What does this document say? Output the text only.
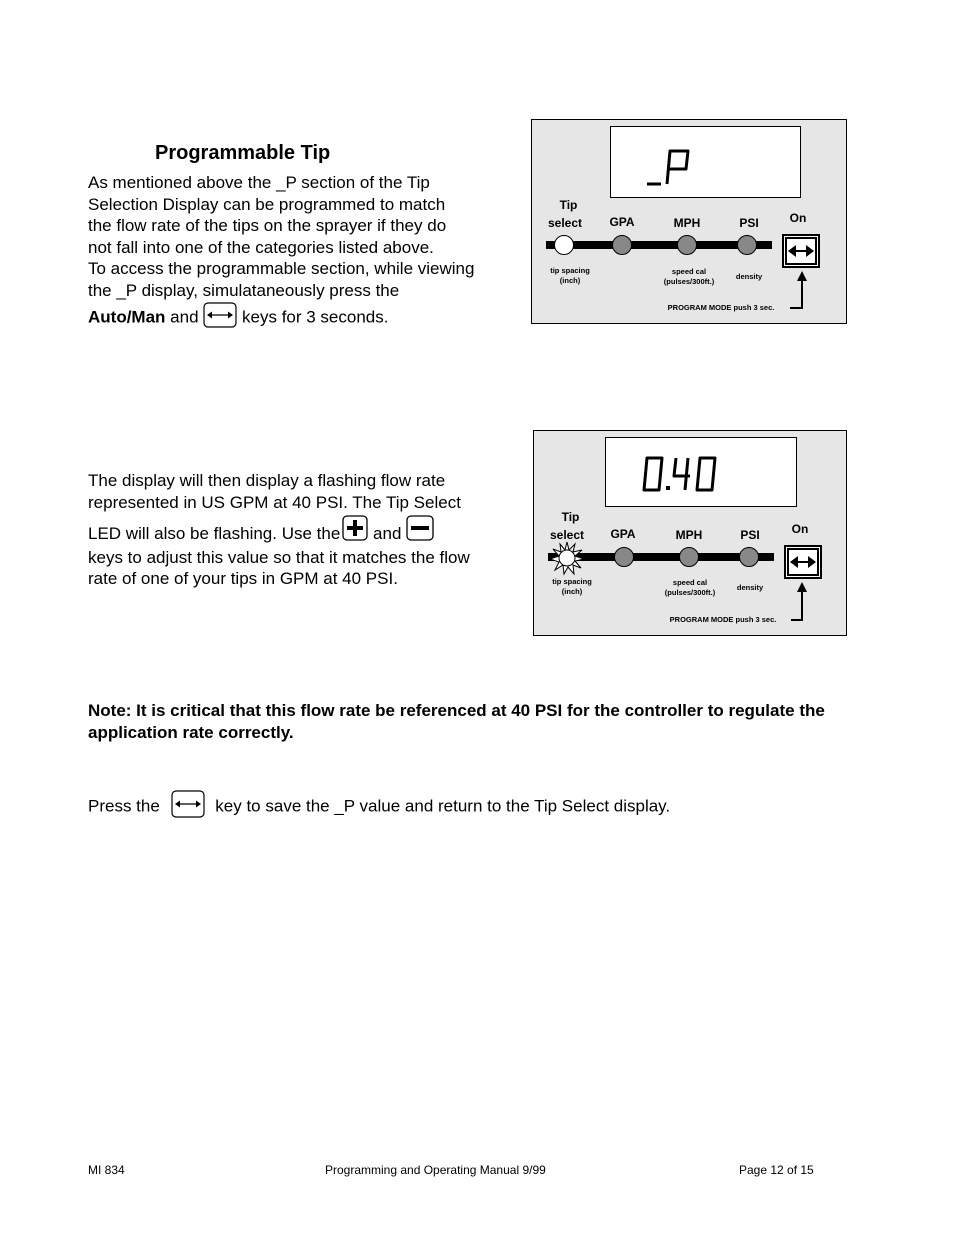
Programmable Tip
As mentioned above the _P section of the Tip
Selection Display can be programmed to match
the flow rate of the tips on the sprayer if they do
not fall into one of the categories listed above.
To access the programmable section, while viewing
the _P display, simulataneously press the
Auto/Man and	keys for 3 seconds.
Tip
select	GPA	MPH	PSI	On
tip spacing
(inch)
speed cal
(pulses/300ft.)
density
PROGRAM MODE push 3 sec.
The display will then display a flashing flow rate
represented in US GPM at 40 PSI. The Tip Select
LED will also be flashing. Use the and
keys to adjust this value so that it matches the flow
rate of one of your tips in GPM at 40 PSI.
Tip
select	GPA	MPH	PSI	On
tip spacing
(inch)
speed cal
(pulses/300ft.)
density
PROGRAM MODE push 3 sec.
Note: It is critical that this flow rate be referenced at 40 PSI for the controller to regulate the application rate correctly.
Press the	key to save the _P value and return to the Tip Select display.
MI 834	Programming and Operating Manual 9/99	Page 12 of 15
